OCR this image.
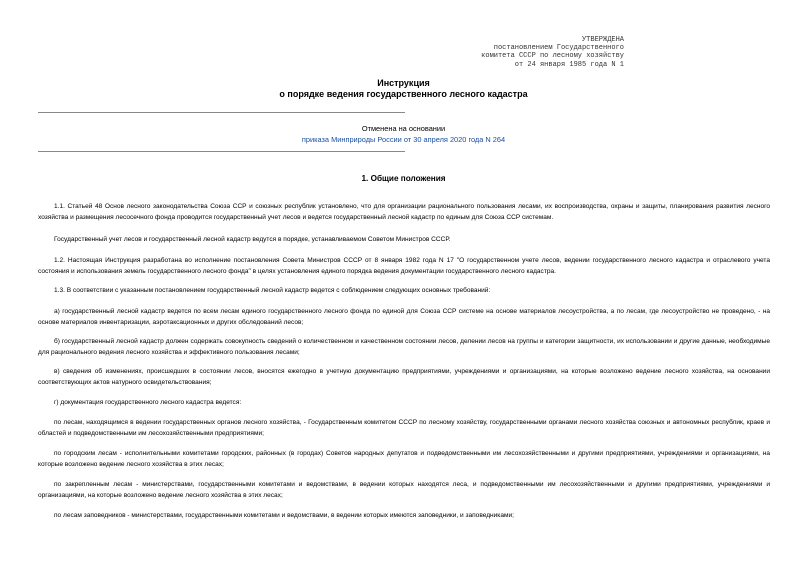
УТВЕРЖДЕНА
постановлением Государственного
комитета СССР по лесному хозяйству
от 24 января 1985 года N 1
Инструкция
о порядке ведения государственного лесного кадастра
Отменена на основании
приказа Минприроды России от 30 апреля 2020 года N 264
1. Общие положения
1.1. Статьей 48 Основ лесного законодательства Союза ССР и союзных республик установлено, что для организации рационального пользования лесами, их воспроизводства, охраны и защиты, планирования развития лесного хозяйства и размещения лесосечного фонда проводится государственный учет лесов и ведется государственный лесной кадастр по единым для Союза ССР системам.
Государственный учет лесов и государственный лесной кадастр ведутся в порядке, устанавливаемом Советом Министров СССР.
1.2. Настоящая Инструкция разработана во исполнение постановления Совета Министров СССР от 8 января 1982 года N 17 "О государственном учете лесов, ведении государственного лесного кадастра и отраслевого учета состояния и использования земель государственного лесного фонда" в целях установления единого порядка ведения документации государственного лесного кадастра.
1.3. В соответствии с указанным постановлением государственный лесной кадастр ведется с соблюдением следующих основных требований:
а) государственный лесной кадастр ведется по всем лесам единого государственного лесного фонда по единой для Союза ССР системе на основе материалов лесоустройства, а по лесам, где лесоустройство не проведено, - на основе материалов инвентаризации, аэротаксационных и других обследований лесов;
б) государственный лесной кадастр должен содержать совокупность сведений о количественном и качественном состоянии лесов, делении лесов на группы и категории защитности, их использовании и другие данные, необходимые для рационального ведения лесного хозяйства и эффективного пользования лесами;
в) сведения об изменениях, происшедших в состоянии лесов, вносятся ежегодно в учетную документацию предприятиями, учреждениями и организациями, на которые возложено ведение лесного хозяйства, на основании соответствующих актов натурного освидетельствования;
г) документация государственного лесного кадастра ведется:
по лесам, находящимся в ведении государственных органов лесного хозяйства, - Государственным комитетом СССР по лесному хозяйству, государственными органами лесного хозяйства союзных и автономных республик, краев и областей и подведомственными им лесохозяйственными предприятиями;
по городским лесам - исполнительными комитетами городских, районных (в городах) Советов народных депутатов и подведомственными им лесохозяйственными и другими предприятиями, учреждениями и организациями, на которые возложено ведение лесного хозяйства в этих лесах;
по закрепленным лесам - министерствами, государственными комитетами и ведомствами, в ведении которых находятся леса, и подведомственными им лесохозяйственными и другими предприятиями, учреждениями и организациями, на которые возложено ведение лесного хозяйства в этих лесах;
по лесам заповедников - министерствами, государственными комитетами и ведомствами, в ведении которых имеются заповедники, и заповедниками;
